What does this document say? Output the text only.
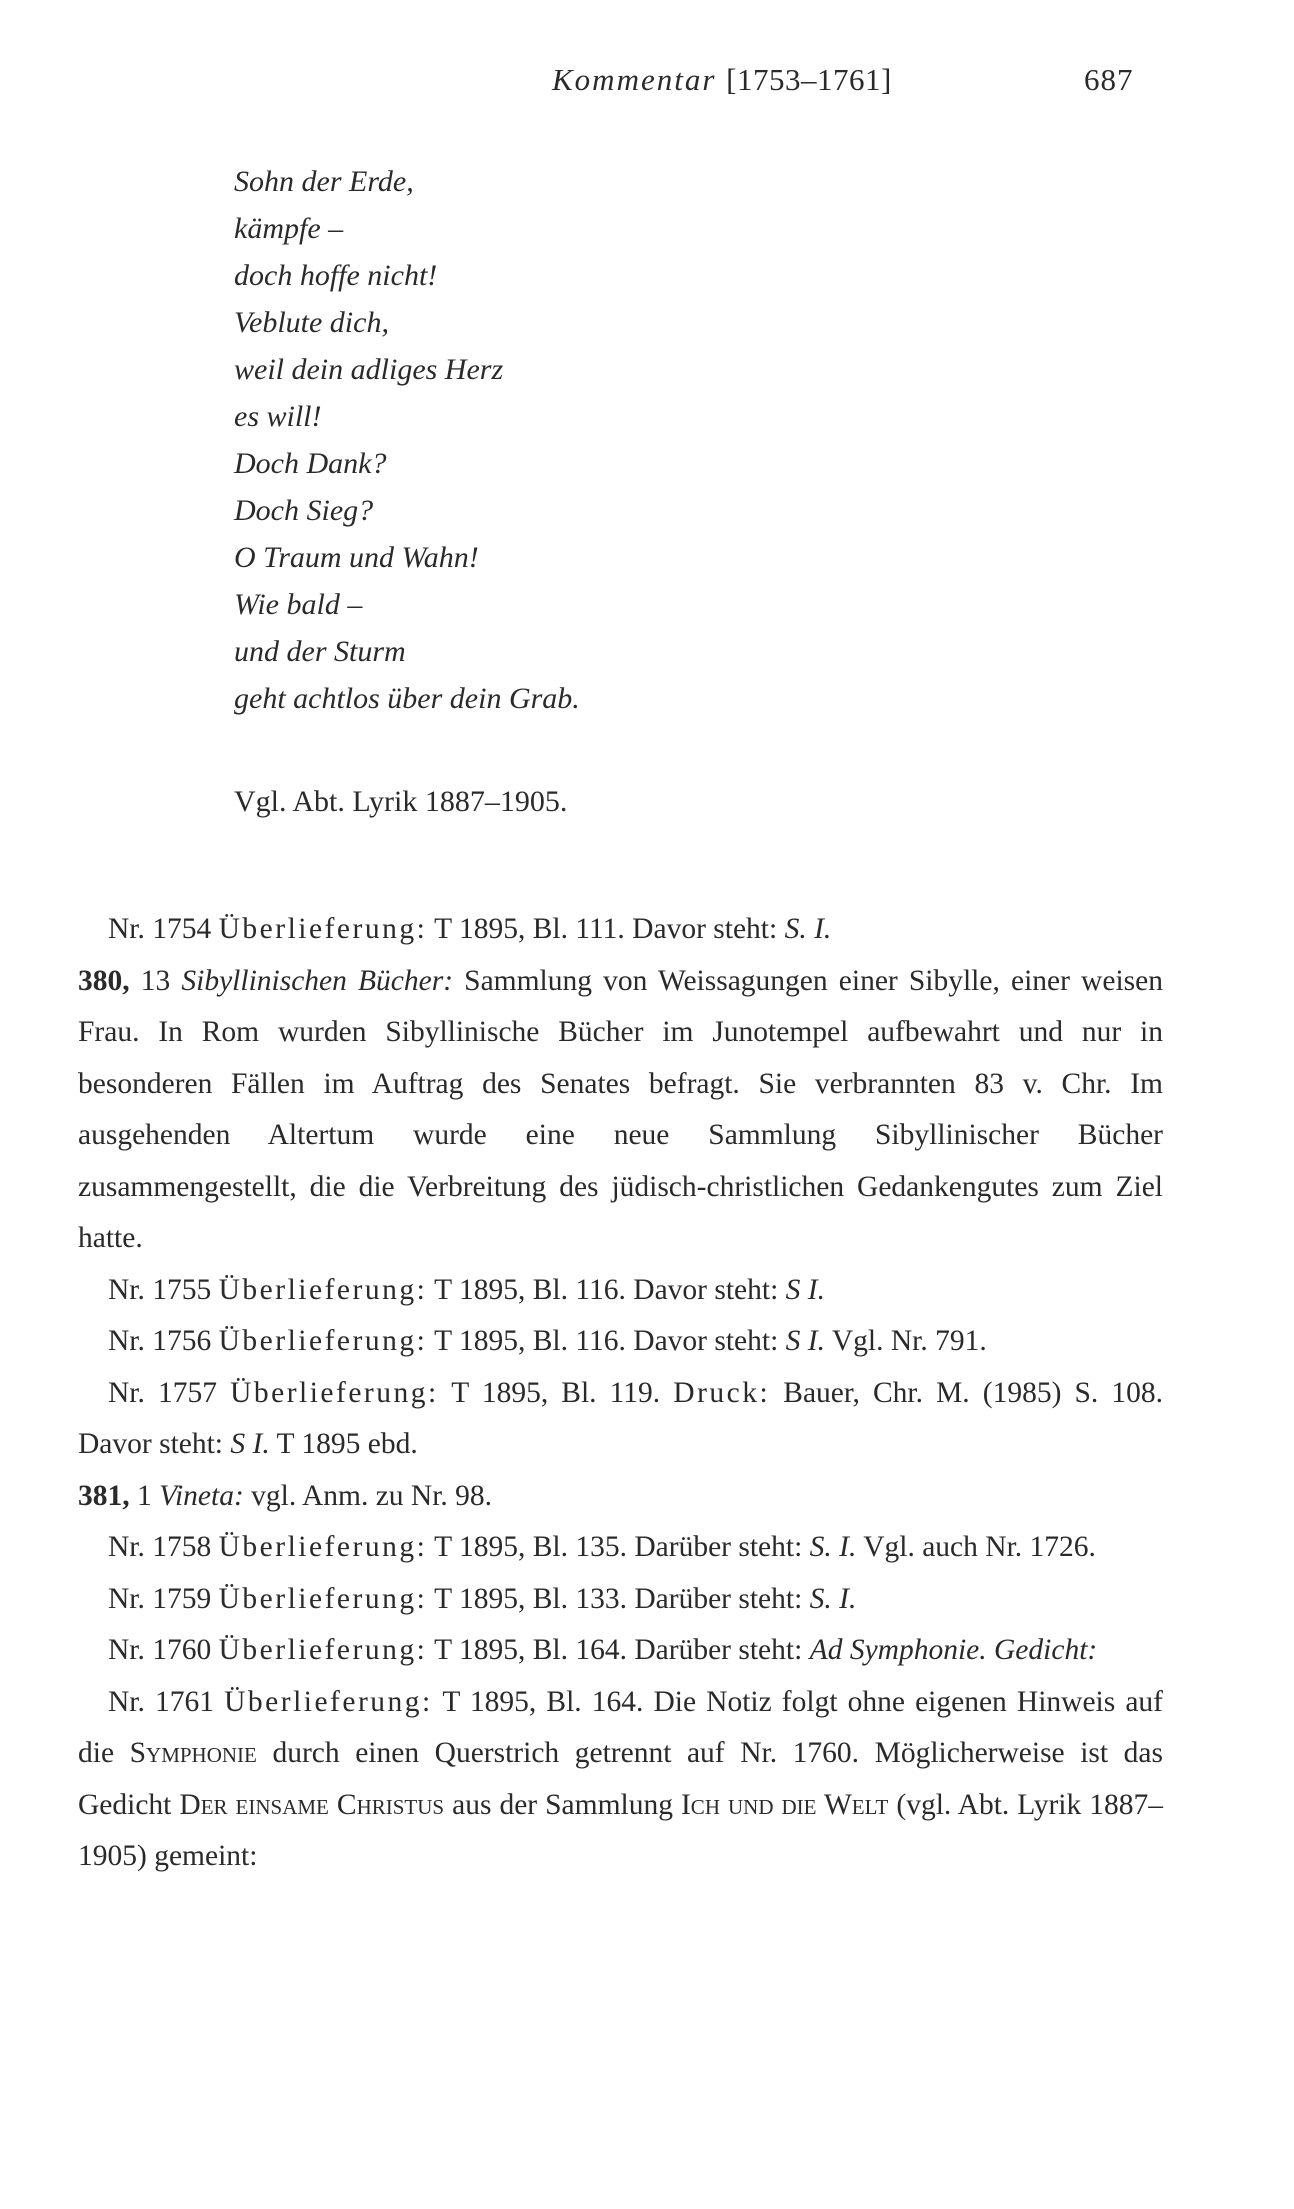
Kommentar [1753–1761]	687
Sohn der Erde,
kämpfe –
doch hoffe nicht!
Veblute dich,
weil dein adliges Herz
es will!
Doch Dank?
Doch Sieg?
O Traum und Wahn!
Wie bald –
und der Sturm
geht achtlos über dein Grab.
Vgl. Abt. Lyrik 1887–1905.

Nr. 1754 Überlieferung: T 1895, Bl. 111. Davor steht: S. I.

380, 13 Sibyllinischen Bücher: Sammlung von Weissagungen einer Sibylle, einer weisen Frau. In Rom wurden Sibyllinische Bücher im Junotempel aufbewahrt und nur in besonderen Fällen im Auftrag des Senates befragt. Sie verbrannten 83 v. Chr. Im ausgehenden Altertum wurde eine neue Sammlung Sibyllinischer Bücher zusammengestellt, die die Verbreitung des jüdisch-christlichen Gedankengutes zum Ziel hatte.

Nr. 1755 Überlieferung: T 1895, Bl. 116. Davor steht: S I.

Nr. 1756 Überlieferung: T 1895, Bl. 116. Davor steht: S I. Vgl. Nr. 791.

Nr. 1757 Überlieferung: T 1895, Bl. 119. Druck: Bauer, Chr. M. (1985) S. 108. Davor steht: S I. T 1895 ebd.

381, 1 Vineta: vgl. Anm. zu Nr. 98.

Nr. 1758 Überlieferung: T 1895, Bl. 135. Darüber steht: S. I. Vgl. auch Nr. 1726.

Nr. 1759 Überlieferung: T 1895, Bl. 133. Darüber steht: S. I.

Nr. 1760 Überlieferung: T 1895, Bl. 164. Darüber steht: Ad Symphonie. Gedicht:

Nr. 1761 Überlieferung: T 1895, Bl. 164. Die Notiz folgt ohne eigenen Hinweis auf die Symphonie durch einen Querstrich getrennt auf Nr. 1760. Möglicherweise ist das Gedicht Der einsame Christus aus der Sammlung Ich und die Welt (vgl. Abt. Lyrik 1887–1905) gemeint:
